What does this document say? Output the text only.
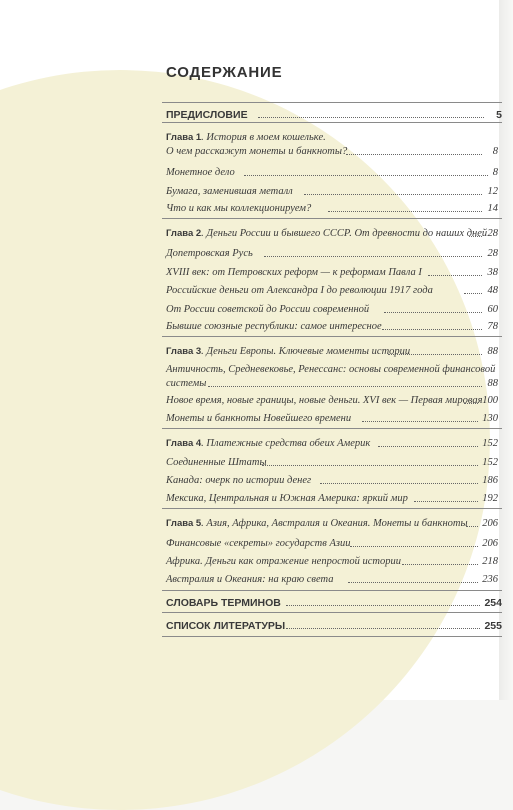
СОДЕРЖАНИЕ
ПРЕДИСЛОВИЕ	5
Глава 1. История в моем кошельке.
О чем расскажут монеты и банкноты?	8
Монетное дело	8
Бумага, заменившая металл	12
Что и как мы коллекционируем?	14
Глава 2. Деньги России и бывшего СССР. От древности до наших дней 28
Допетровская Русь	28
XVIII век: от Петровских реформ — к реформам Павла I	38
Российские деньги от Александра I до революции 1917 года	48
От России советской до России современной	60
Бывшие союзные республики: самое интересное	78
Глава 3. Деньги Европы. Ключевые моменты истории	88
Античность, Средневековье, Ренессанс: основы современной финансовой
системы	88
Новое время, новые границы, новые деньги. XVI век — Первая мировая 100
Монеты и банкноты Новейшего времени	130
Глава 4. Платежные средства обеих Америк	152
Соединенные Штаты	152
Канада: очерк по истории денег	186
Мексика, Центральная и Южная Америка: яркий мир	192
Глава 5. Азия, Африка, Австралия и Океания. Монеты и банкноты 206
Финансовые «секреты» государств Азии	206
Африка. Деньги как отражение непростой истории	218
Австралия и Океания: на краю света	236
СЛОВАРЬ ТЕРМИНОВ	254
СПИСОК ЛИТЕРАТУРЫ	255
